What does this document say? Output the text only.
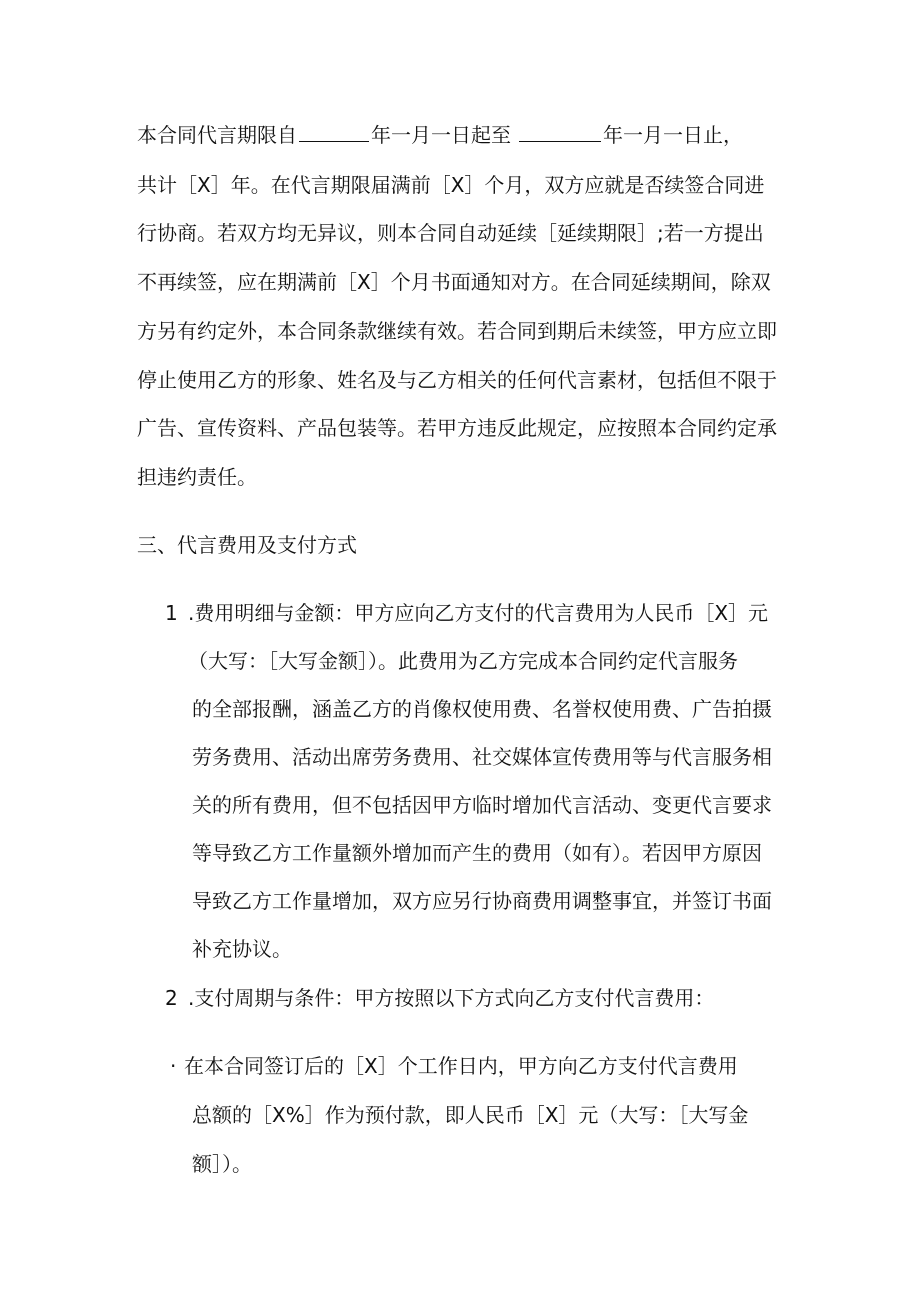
本合同代言期限自	年一月一日起至	年一月一日止，
共计［X］年。在代言期限届满前［X］个月，双方应就是否续签合同进
行协商。若双方均无异议，则本合同自动延续［延续期限］;若一方提出
不再续签，应在期满前［X］个月书面通知对方。在合同延续期间，除双
方另有约定外，本合同条款继续有效。若合同到期后未续签，甲方应立即
停止使用乙方的形象、姓名及与乙方相关的任何代言素材，包括但不限于
广告、宣传资料、产品包装等。若甲方违反此规定，应按照本合同约定承
担违约责任。
三、代言费用及支付方式
1 .费用明细与金额：甲方应向乙方支付的代言费用为人民币［X］元
（大写：［大写金额］）。此费用为乙方完成本合同约定代言服务
的全部报酬，涵盖乙方的肖像权使用费、名誉权使用费、广告拍摄
劳务费用、活动出席劳务费用、社交媒体宣传费用等与代言服务相
关的所有费用，但不包括因甲方临时增加代言活动、变更代言要求
等导致乙方工作量额外增加而产生的费用（如有）。若因甲方原因
导致乙方工作量增加，双方应另行协商费用调整事宜，并签订书面
补充协议。
2 .支付周期与条件：甲方按照以下方式向乙方支付代言费用：
· 在本合同签订后的［X］个工作日内，甲方向乙方支付代言费用
总额的［X%］作为预付款，即人民币［X］元（大写：［大写金
额］）。
